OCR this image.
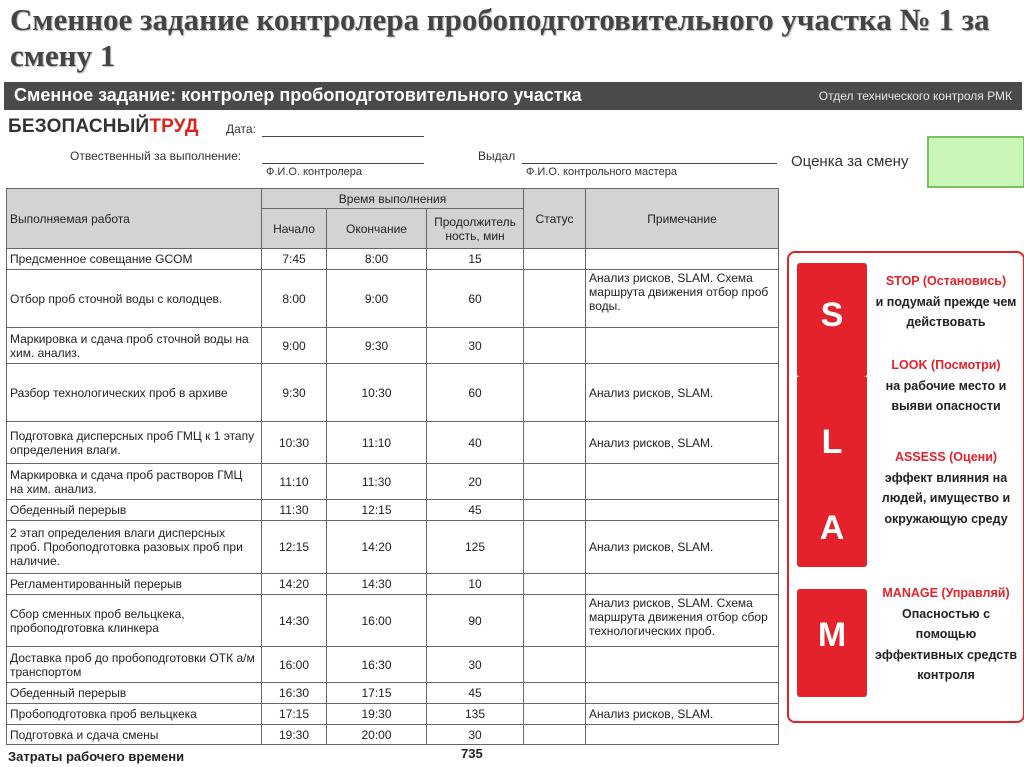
Сменное задание контролера пробоподготовительного участка № 1 за смену 1
Сменное задание: контролер пробоподготовительного участка	Отдел технического контроля РМК
БЕЗОПАСНЫЙТРУД Дата:
Отвественный за выполнение:
Ф.И.О. контролера
Выдал
Ф.И.О. контрольного мастера
Оценка за смену
Выполняемая работа	Время выполнения			Статус	Примечание
	Начало	Окончание	Продолжитель ность, мин		
Предсменное совещание GCOM	7:45	8:00	15		
Отбор проб сточной воды с колодцев.	8:00	9:00	60		Анализ рисков, SLAM. Схема маршрута движения отбор проб воды.
Маркировка и сдача проб сточной воды на хим. анализ.	9:00	9:30	30		
Разбор технологических проб в архиве	9:30	10:30	60		Анализ рисков, SLAM.
Подготовка дисперсных проб ГМЦ к 1 этапу определения влаги.	10:30	11:10	40		Анализ рисков, SLAM.
Маркировка и сдача проб растворов ГМЦ на хим. анализ.	11:10	11:30	20		
Обеденный перерыв	11:30	12:15	45		
2 этап определения влаги дисперсных проб. Пробоподготовка разовых проб при наличие.	12:15	14:20	125		Анализ рисков, SLAM.
Регламентированный перерыв	14:20	14:30	10		
Сбор сменных проб вельцкека, пробоподготовка клинкера	14:30	16:00	90		Анализ рисков, SLAM. Схема маршрута движения отбор сбор технологических проб.
Доставка проб до пробоподготовки ОТК а/м транспортом	16:00	16:30	30		
Обеденный перерыв	16:30	17:15	45		
Пробоподготовка проб вельцкека	17:15	19:30	135		Анализ рисков, SLAM.
Подготовка и сдача смены	19:30	20:00	30		
Затраты рабочего времени	735
S
L
A
M
STOP (Остановись)
и подумай прежде чем действовать
LOOK (Посмотри)
на рабочие место и выяви опасности
ASSESS (Оцени)
эффект влияния на людей, имущество и окружающую среду
MANAGE (Управляй)
Опасностью с помощью эффективных средств контроля
